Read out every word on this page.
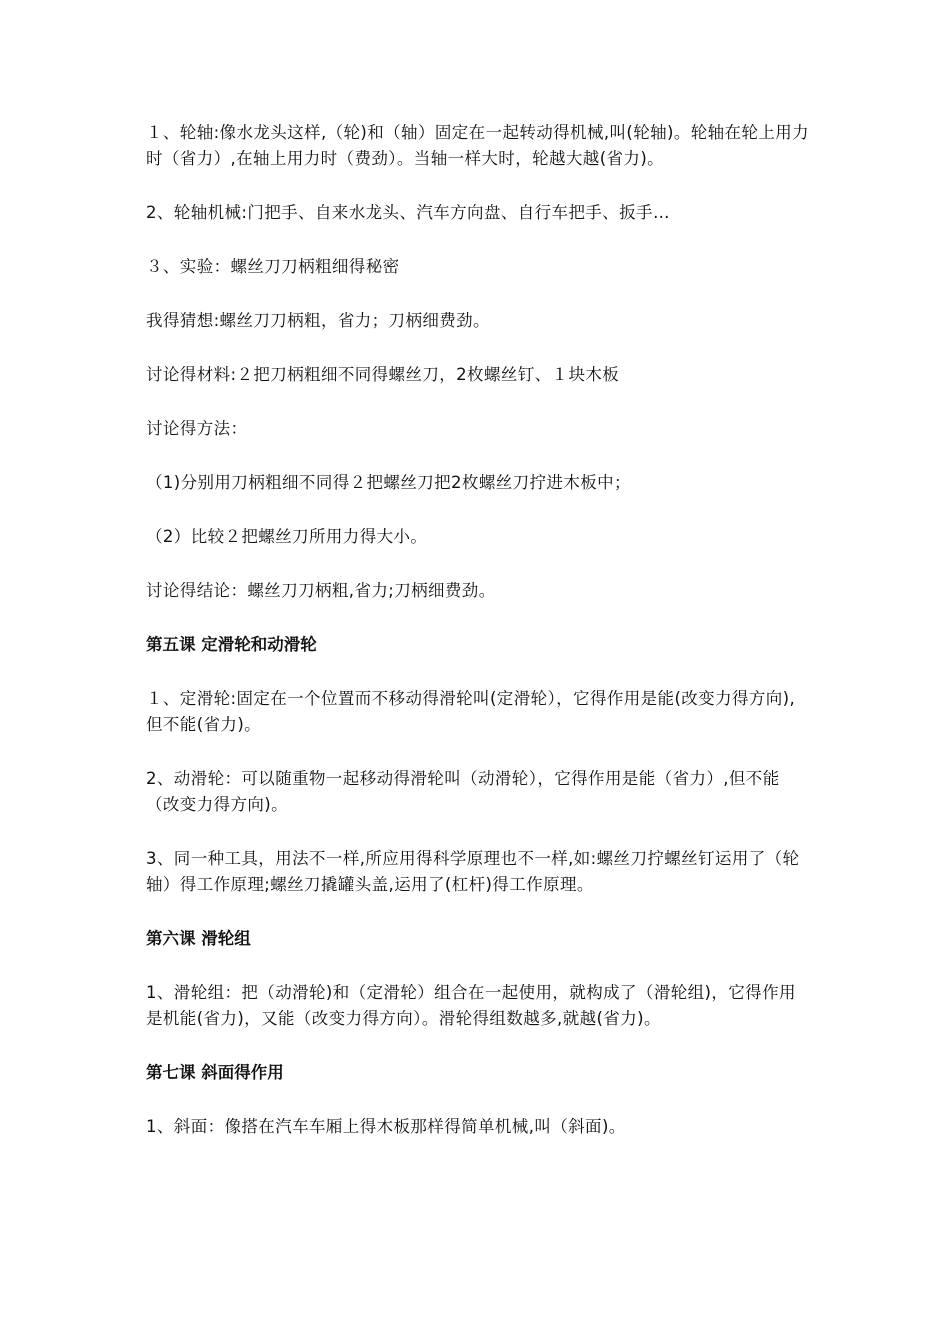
１、轮轴:像水龙头这样,（轮)和（轴）固定在一起转动得机械,叫(轮轴)。轮轴在轮上用力时（省力）,在轴上用力时（费劲）。当轴一样大时，轮越大越(省力)。

2、轮轴机械:门把手、自来水龙头、汽车方向盘、自行车把手、扳手…

３、实验：螺丝刀刀柄粗细得秘密

我得猜想:螺丝刀刀柄粗，省力；刀柄细费劲。

讨论得材料:２把刀柄粗细不同得螺丝刀，2枚螺丝钉、１块木板

讨论得方法：

（1)分别用刀柄粗细不同得２把螺丝刀把2枚螺丝刀拧进木板中；

（2）比较２把螺丝刀所用力得大小。

讨论得结论：螺丝刀刀柄粗,省力;刀柄细费劲。

第五课 定滑轮和动滑轮

１、定滑轮:固定在一个位置而不移动得滑轮叫(定滑轮），它得作用是能(改变力得方向),但不能(省力)。

2、动滑轮：可以随重物一起移动得滑轮叫（动滑轮），它得作用是能（省力）,但不能（改变力得方向)。

3、同一种工具，用法不一样,所应用得科学原理也不一样,如:螺丝刀拧螺丝钉运用了（轮轴）得工作原理;螺丝刀撬罐头盖,运用了(杠杆)得工作原理。

第六课 滑轮组

1、滑轮组：把（动滑轮)和（定滑轮）组合在一起使用，就构成了（滑轮组)，它得作用是机能(省力)，又能（改变力得方向）。滑轮得组数越多,就越(省力)。

第七课 斜面得作用

1、斜面：像搭在汽车车厢上得木板那样得简单机械,叫（斜面)。
